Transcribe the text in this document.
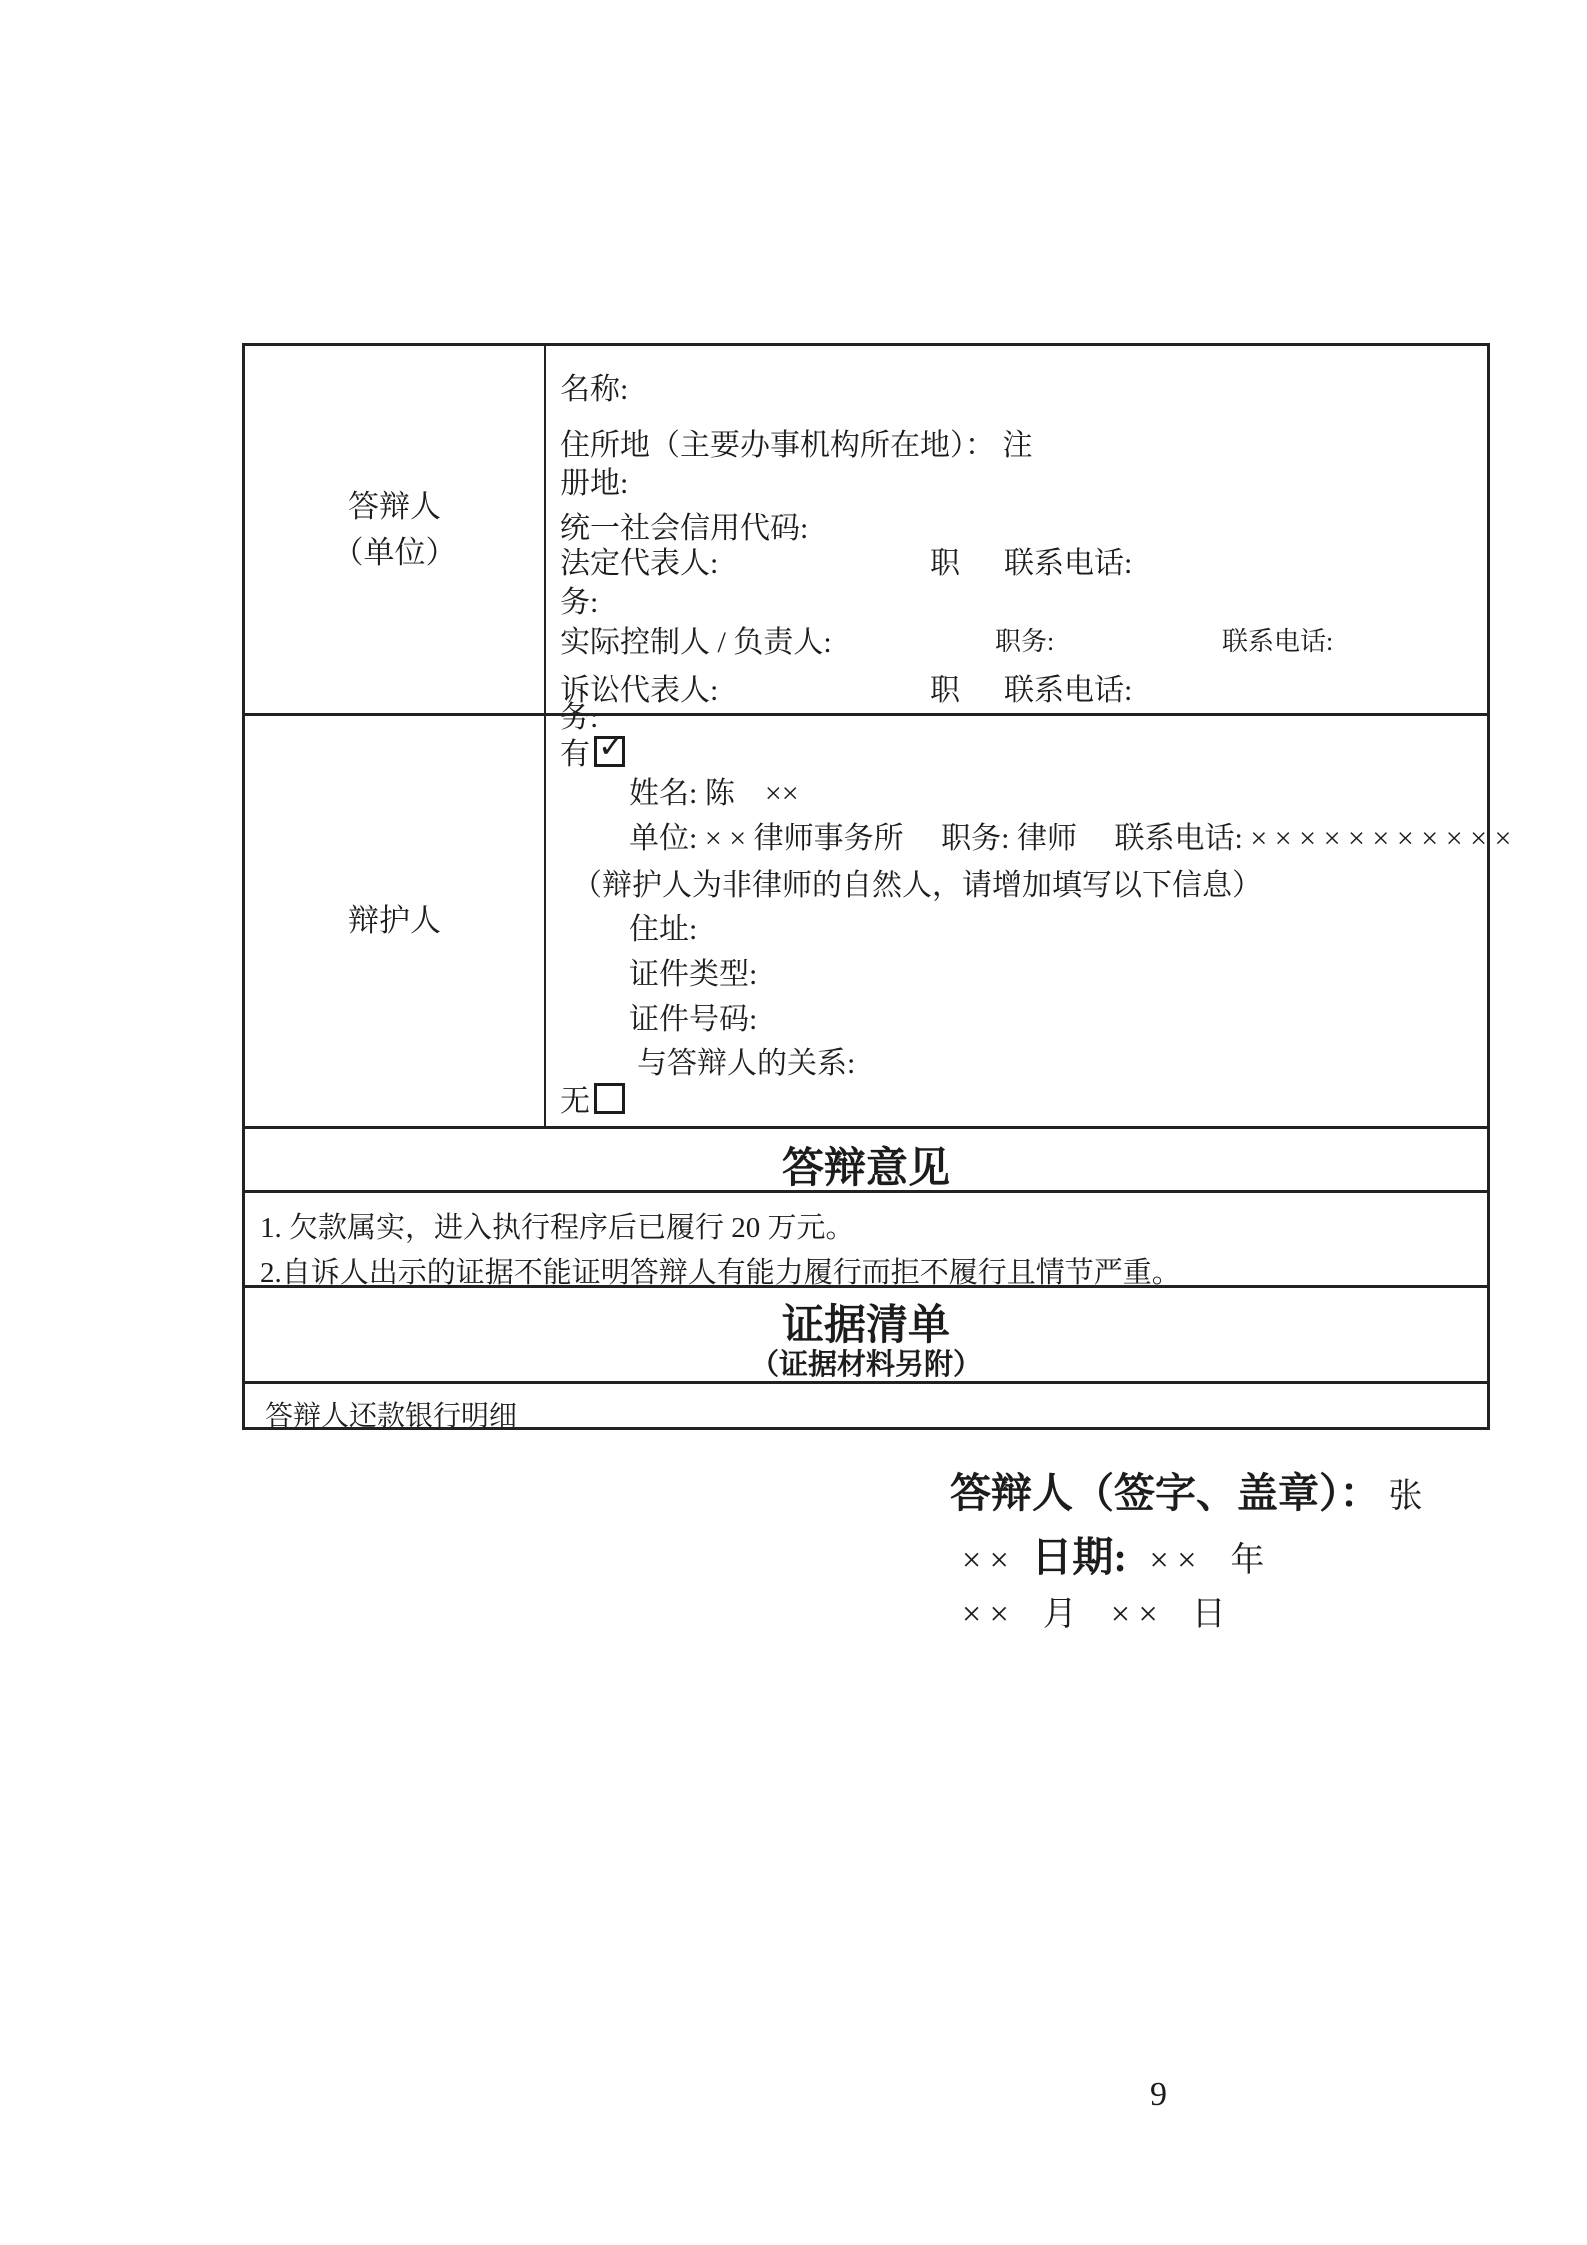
答辩人
（单位）
名称:
住所地（主要办事机构所在地）： 注
册地:
统一社会信用代码:
法定代表人:	职 联系电话:
务:
实际控制人 / 负责人:	职务:	联系电话:
诉讼代表人:	职 联系电话:
务:
辩护人
有 ✓
姓名: 陈　××
单位: × × 律师事务所　 职务: 律师　 联系电话: × × × × × × × × × × ×
（辩护人为非律师的自然人，请增加填写以下信息）
住址:
证件类型:
证件号码:
与答辩人的关系:
无
答辩意见
1. 欠款属实，进入执行程序后已履行 20 万元。
2.自诉人出示的证据不能证明答辩人有能力履行而拒不履行且情节严重。
证据清单
（证据材料另附）
答辩人还款银行明细
答辩人（签字、盖章）： 张
× × 日期: × ×　年
× ×　月　× ×　日
9
